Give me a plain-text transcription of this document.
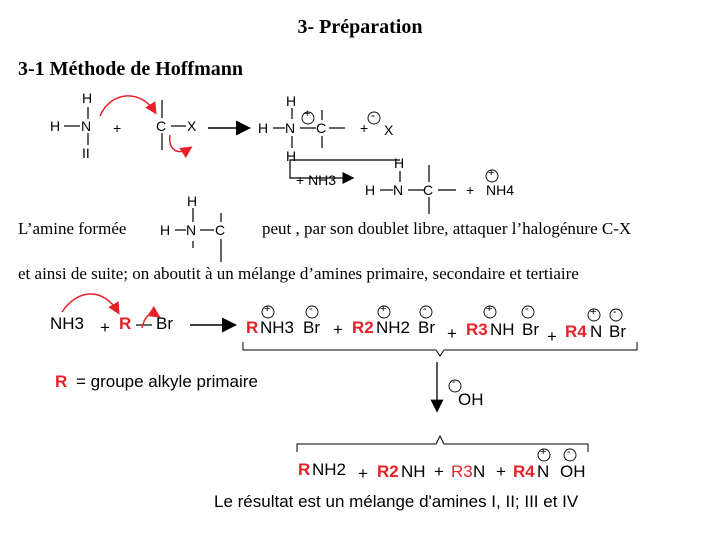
3- Préparation
3-1 Méthode de Hoffmann
H
H N
II
+ C X
H
H N
+
C
H
+ X
-
+ NH3
H
H N C +
+
NH4
L’amine formée
H
H N C peut , par son doublet libre, attaquer l’halogénure C-X
et ainsi de suite; on aboutit à un mélange d’amines primaire, secondaire et tertiaire
NH3 + R Br	R NH3 Br
+	-
+ R2 NH2 Br
+	-
+ R3 NH Br
+	-
+ R4 N Br
+ -
R = groupe alkyle primaire	-
OH
R NH2 + R2 NH + R3 N + R4 N
+ -
OH
Le résultat est un mélange d'amines I, II; III et IV
